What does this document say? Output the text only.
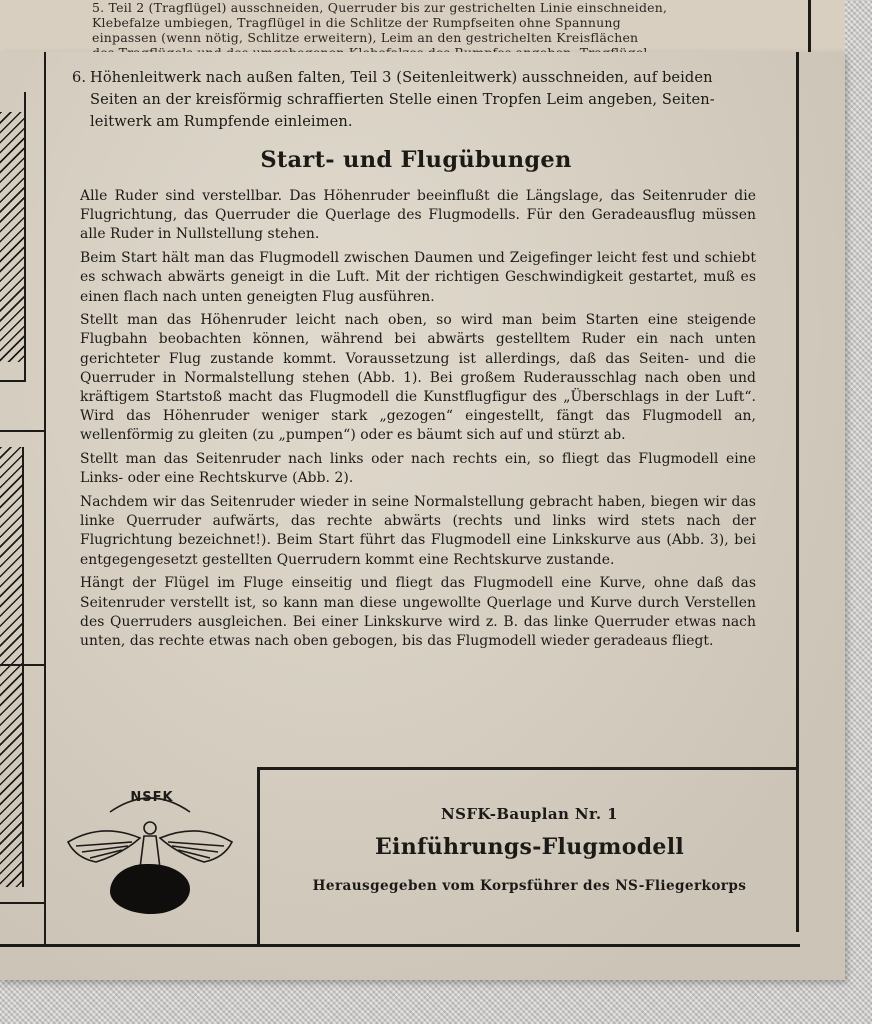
5. Teil 2 (Tragflügel) ausschneiden, Querruder bis zur gestrichelten Linie einschneiden,
Klebefalze umbiegen, Tragflügel in die Schlitze der Rumpfseiten ohne Spannung
einpassen (wenn nötig, Schlitze erweitern), Leim an den gestrichelten Kreisflächen
6. Höhenleitwerk nach außen falten, Teil 3 (Seitenleitwerk) ausschneiden, auf beiden
Seiten an der kreisförmig schraffierten Stelle einen Tropfen Leim angeben, Seiten-
leitwerk am Rumpfende einleimen.
Start- und Flugübungen

Alle Ruder sind verstellbar. Das Höhenruder beeinflußt die Längslage, das Seitenruder die Flugrichtung, das Querruder die Querlage des Flugmodells. Für den Geradeausflug müssen alle Ruder in Nullstellung stehen.

Beim Start hält man das Flugmodell zwischen Daumen und Zeigefinger leicht fest und schiebt es schwach abwärts geneigt in die Luft. Mit der richtigen Geschwindigkeit gestartet, muß es einen flach nach unten geneigten Flug ausführen.

Stellt man das Höhenruder leicht nach oben, so wird man beim Starten eine steigende Flugbahn beobachten können, während bei abwärts gestelltem Ruder ein nach unten gerichteter Flug zustande kommt. Voraussetzung ist allerdings, daß das Seiten- und die Querruder in Normalstellung stehen (Abb. 1). Bei großem Ruderausschlag nach oben und kräftigem Startstoß macht das Flugmodell die Kunstflugfigur des „Überschlags in der Luft“. Wird das Höhenruder weniger stark „gezogen“ eingestellt, fängt das Flugmodell an, wellenförmig zu gleiten (zu „pumpen“) oder es bäumt sich auf und stürzt ab.

Stellt man das Seitenruder nach links oder nach rechts ein, so fliegt das Flugmodell eine Links- oder eine Rechtskurve (Abb. 2).

Nachdem wir das Seitenruder wieder in seine Normalstellung gebracht haben, biegen wir das linke Querruder aufwärts, das rechte abwärts (rechts und links wird stets nach der Flugrichtung bezeichnet!). Beim Start führt das Flugmodell eine Linkskurve aus (Abb. 3), bei entgegengesetzt gestellten Querrudern kommt eine Rechtskurve zustande.

Hängt der Flügel im Fluge einseitig und fliegt das Flugmodell eine Kurve, ohne daß das Seitenruder verstellt ist, so kann man diese ungewollte Querlage und Kurve durch Verstellen des Querruders ausgleichen. Bei einer Linkskurve wird z. B. das linke Querruder etwas nach unten, das rechte etwas nach oben gebogen, bis das Flugmodell wieder geradeaus fliegt.

NSFK
NSFK-Bauplan Nr. 1
Einführungs-Flugmodell
Herausgegeben vom Korpsführer des NS-Fliegerkorps
